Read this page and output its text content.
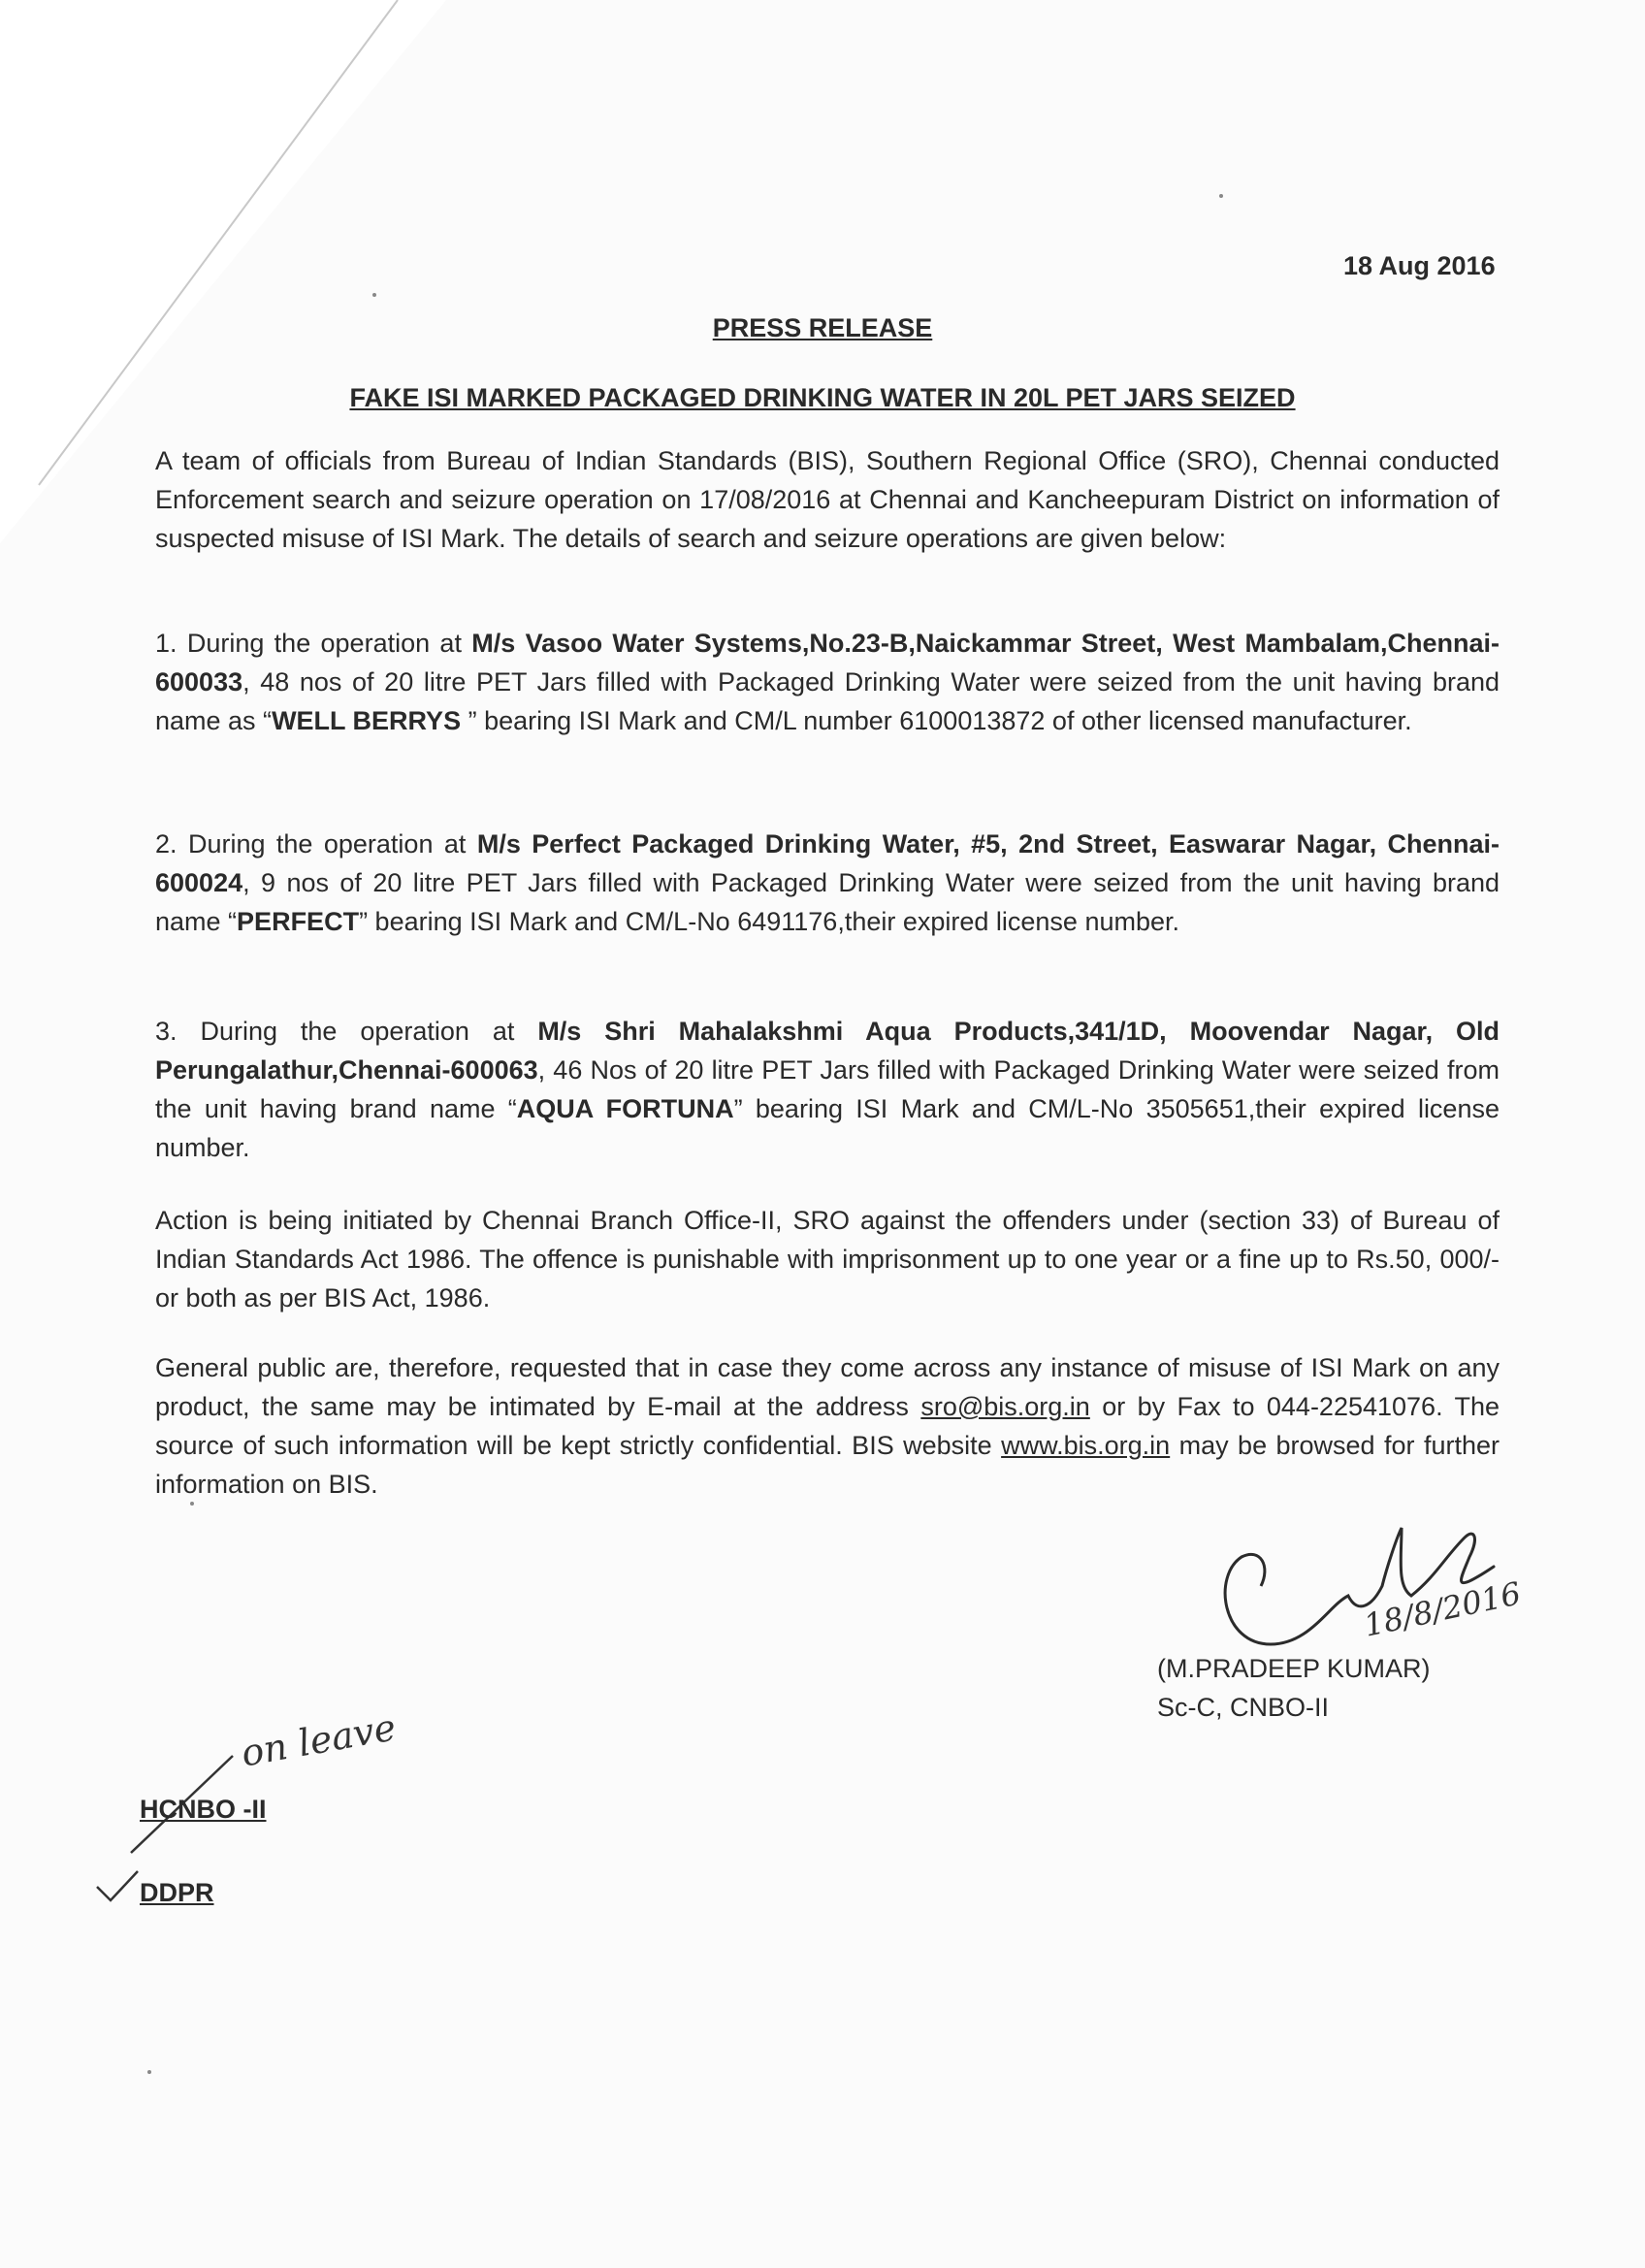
18 Aug 2016
PRESS RELEASE
FAKE ISI MARKED PACKAGED DRINKING WATER IN 20L PET JARS SEIZED
A team of officials from Bureau of Indian Standards (BIS), Southern Regional Office (SRO), Chennai conducted Enforcement search and seizure operation on 17/08/2016 at Chennai and Kancheepuram District on information of suspected misuse of ISI Mark. The details of search and seizure operations are given below:
1. During the operation at M/s Vasoo Water Systems,No.23-B,Naickammar Street, West Mambalam,Chennai-600033, 48 nos of 20 litre PET Jars filled with Packaged Drinking Water were seized from the unit having brand name as “WELL BERRYS ” bearing ISI Mark and CM/L number 6100013872 of other licensed manufacturer.
2. During the operation at M/s Perfect Packaged Drinking Water, #5, 2nd Street, Easwarar Nagar, Chennai-600024, 9 nos of 20 litre PET Jars filled with Packaged Drinking Water were seized from the unit having brand name “PERFECT” bearing ISI Mark and CM/L-No 6491176,their expired license number.
3. During the operation at M/s Shri Mahalakshmi Aqua Products,341/1D, Moovendar Nagar, Old Perungalathur,Chennai-600063, 46 Nos of 20 litre PET Jars filled with Packaged Drinking Water were seized from the unit having brand name “AQUA FORTUNA” bearing ISI Mark and CM/L-No 3505651,their expired license number.
Action is being initiated by Chennai Branch Office-II, SRO against the offenders under (section 33) of Bureau of Indian Standards Act 1986. The offence is punishable with imprisonment up to one year or a fine up to Rs.50, 000/- or both as per BIS Act, 1986.
General public are, therefore, requested that in case they come across any instance of misuse of ISI Mark on any product, the same may be intimated by E-mail at the address sro@bis.org.in or by Fax to 044-22541076. The source of such information will be kept strictly confidential. BIS website www.bis.org.in may be browsed for further information on BIS.
18/8/2016
(M.PRADEEP KUMAR)
Sc-C, CNBO-II
on leave
HCNBO -II
DDPR
